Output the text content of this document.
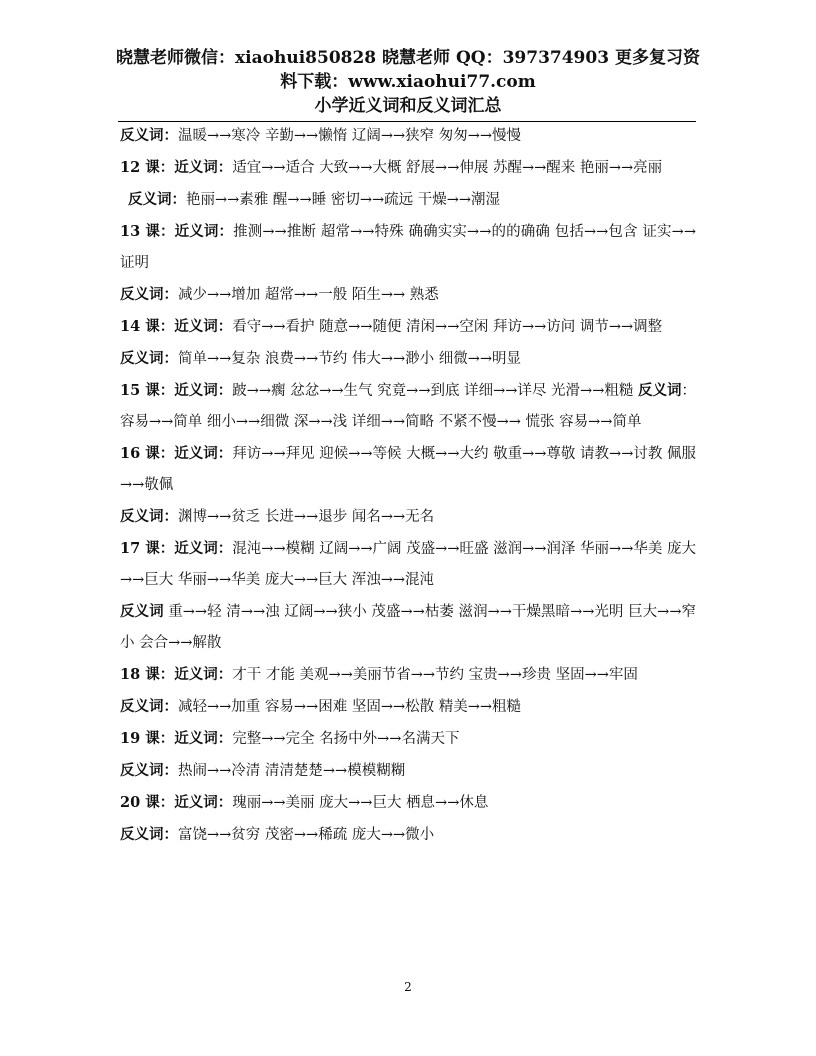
晓慧老师微信：xiaohui850828 晓慧老师 QQ：397374903 更多复习资
料下载：www.xiaohui77.com
小学近义词和反义词汇总

反义词：温暖→→寒冷 辛勤→→懒惰 辽阔→→狭窄 匆匆→→慢慢

12 课：近义词：适宜→→适合 大致→→大概 舒展→→伸展 苏醒→→醒来 艳丽→→亮丽

反义词：艳丽→→素雅 醒→→睡 密切→→疏远 干燥→→潮湿

13 课：近义词：推测→→推断 超常→→特殊 确确实实→→的的确确 包括→→包含 证实→→证明

反义词：减少→→增加 超常→→一般 陌生→→ 熟悉

14 课：近义词：看守→→看护 随意→→随便 清闲→→空闲 拜访→→访问 调节→→调整

反义词：简单→→复杂 浪费→→节约 伟大→→渺小 细微→→明显

15 课：近义词：跛→→瘸 忿忿→→生气 究竟→→到底 详细→→详尽 光滑→→粗糙 反义词：容易→→简单 细小→→细微 深→→浅 详细→→简略 不紧不慢→→ 慌张 容易→→简单

16 课：近义词：拜访→→拜见 迎候→→等候 大概→→大约 敬重→→尊敬 请教→→讨教 佩服→→敬佩

反义词：渊博→→贫乏 长进→→退步 闻名→→无名

17 课：近义词：混沌→→模糊 辽阔→→广阔 茂盛→→旺盛 滋润→→润泽 华丽→→华美 庞大→→巨大 华丽→→华美 庞大→→巨大 浑浊→→混沌

反义词 重→→轻 清→→浊 辽阔→→狭小 茂盛→→枯萎 滋润→→干燥黑暗→→光明 巨大→→窄小 会合→→解散

18 课：近义词：才干 才能 美观→→美丽节省→→节约 宝贵→→珍贵 坚固→→牢固

反义词：减轻→→加重 容易→→困难 坚固→→松散 精美→→粗糙

19 课：近义词：完整→→完全 名扬中外→→名满天下

反义词：热闹→→冷清 清清楚楚→→模模糊糊

20 课：近义词：瑰丽→→美丽 庞大→→巨大 栖息→→休息

反义词：富饶→→贫穷 茂密→→稀疏 庞大→→微小

2
